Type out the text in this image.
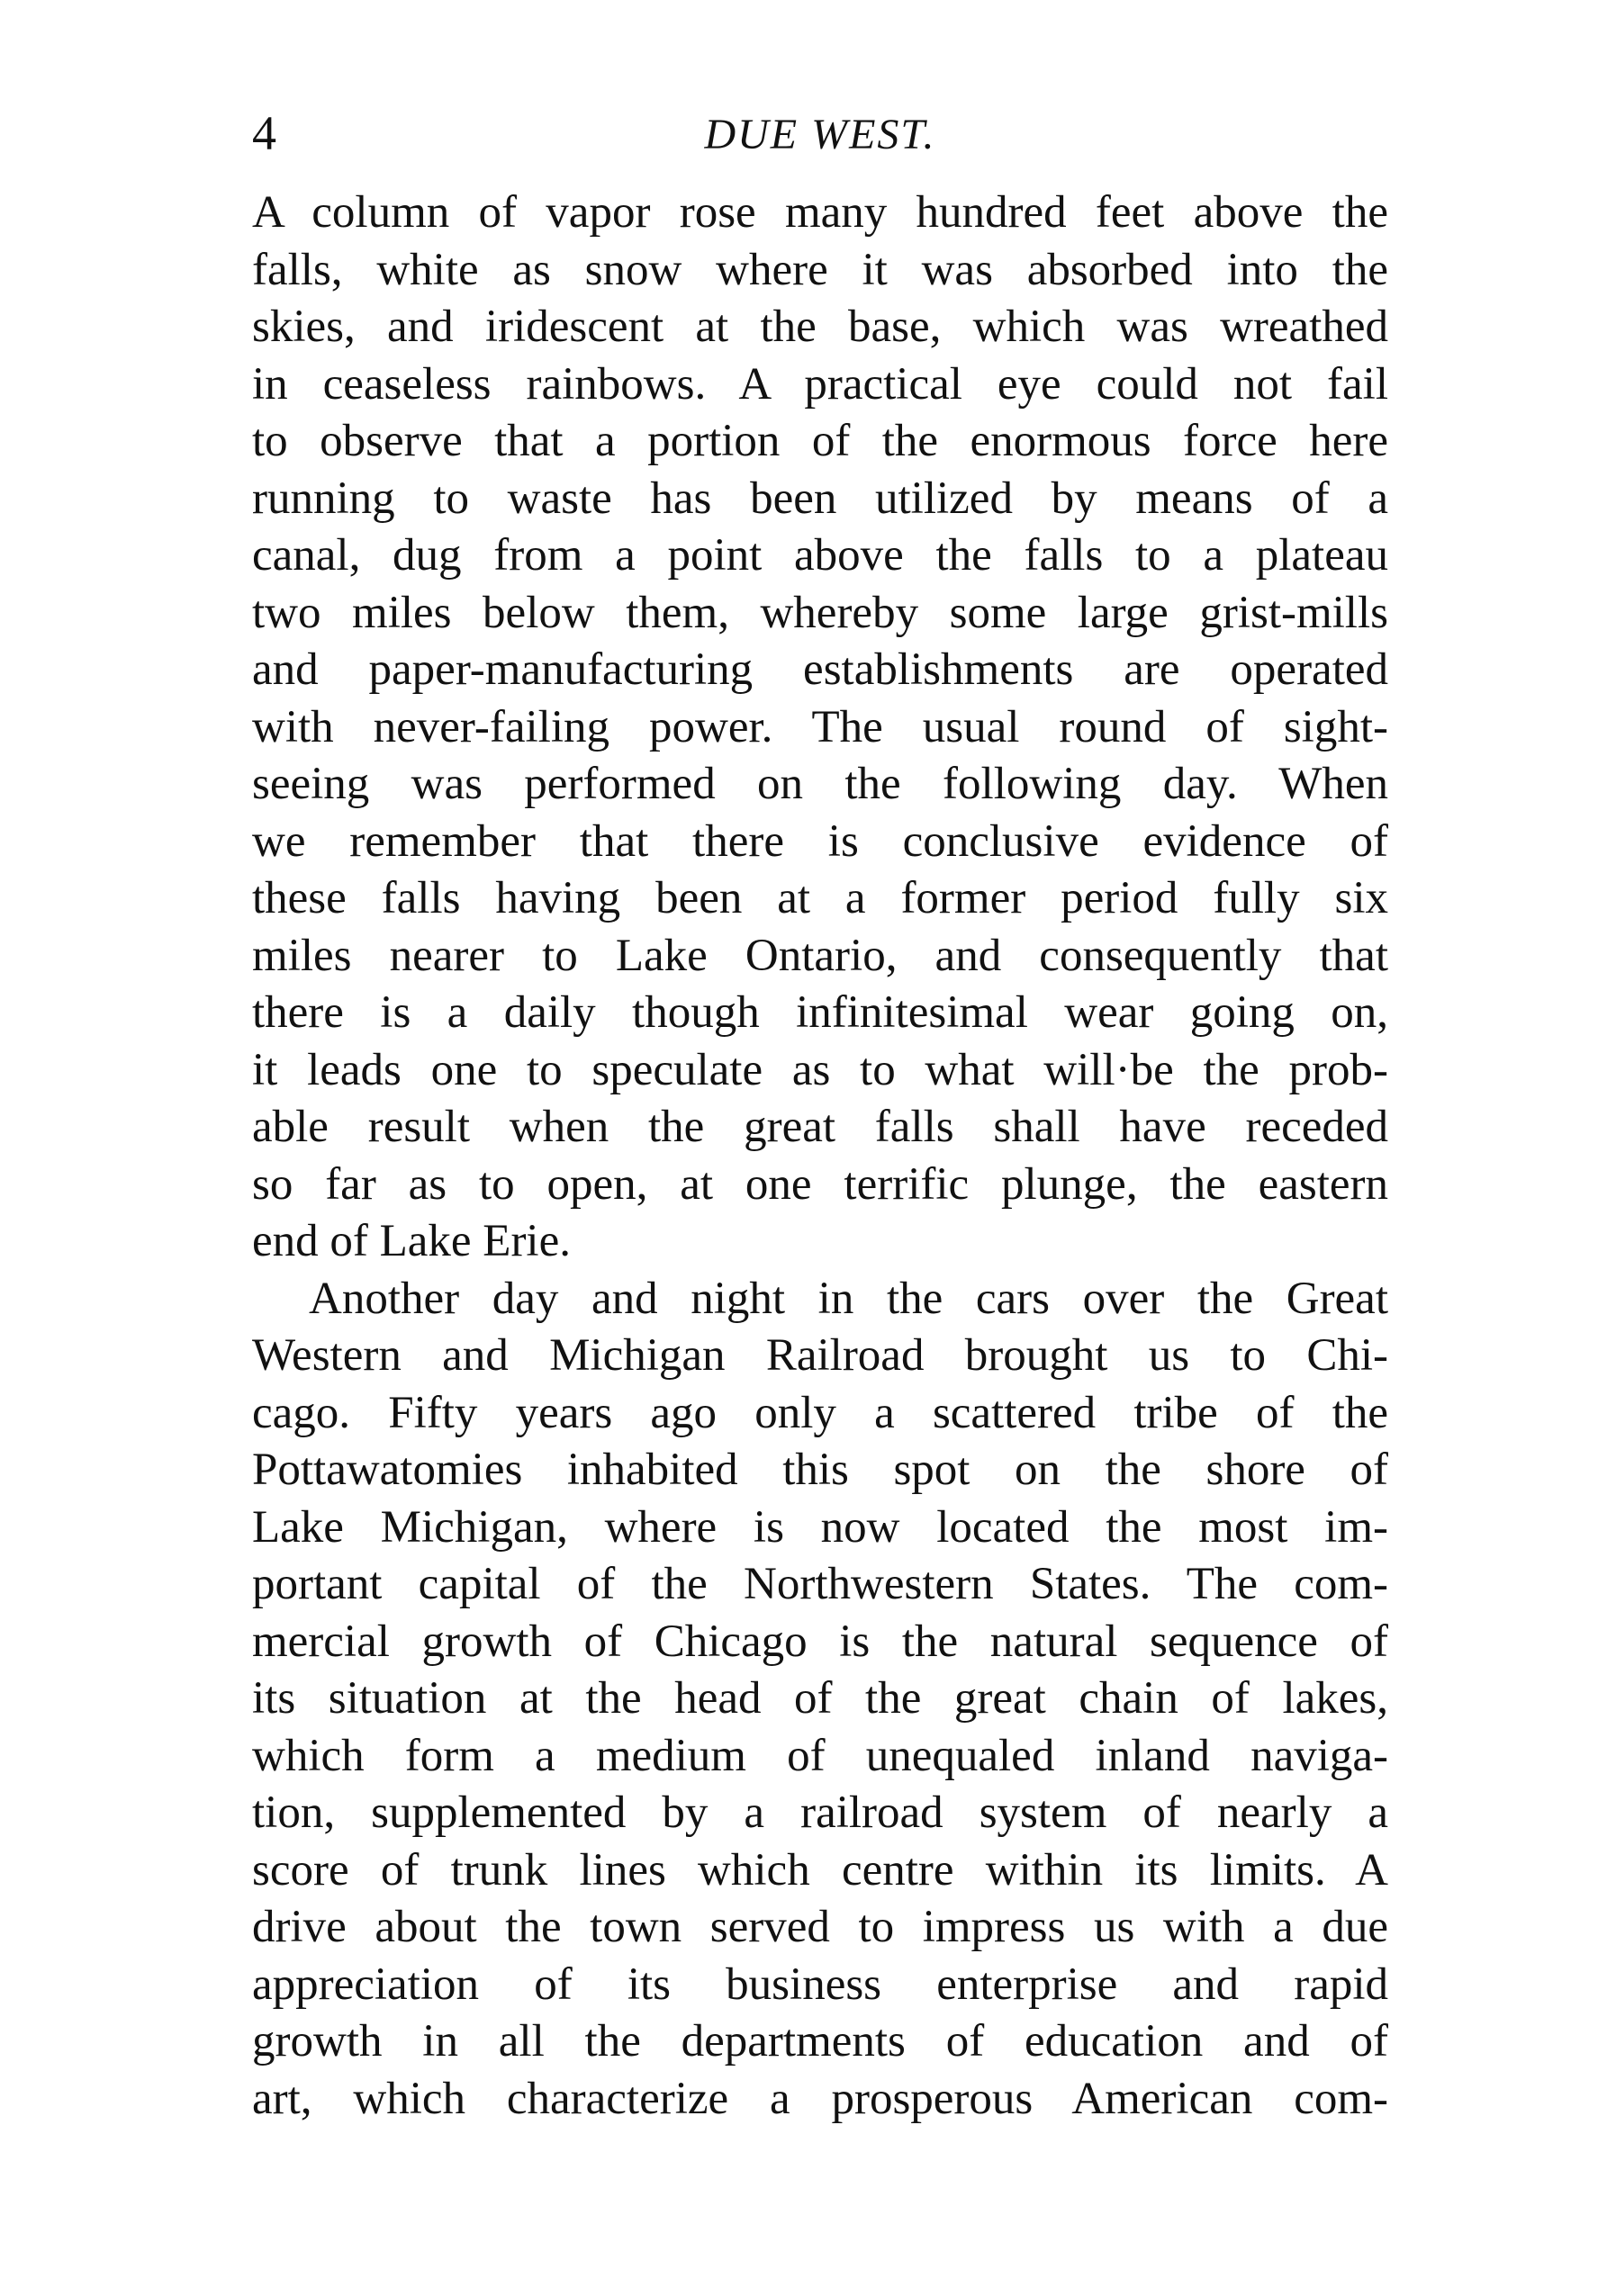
4	DUE WEST.
A column of vapor rose many hundred feet above the
falls, white as snow where it was absorbed into the
skies, and iridescent at the base, which was wreathed
in ceaseless rainbows. A practical eye could not fail
to observe that a portion of the enormous force here
running to waste has been utilized by means of a
canal, dug from a point above the falls to a plateau
two miles below them, whereby some large grist-mills
and paper-manufacturing establishments are operated
with never-failing power. The usual round of sight-
seeing was performed on the following day. When
we remember that there is conclusive evidence of
these falls having been at a former period fully six
miles nearer to Lake Ontario, and consequently that
there is a daily though infinitesimal wear going on,
it leads one to speculate as to what will·be the prob-
able result when the great falls shall have receded
so far as to open, at one terrific plunge, the eastern
end of Lake Erie.
Another day and night in the cars over the Great
Western and Michigan Railroad brought us to Chi-
cago. Fifty years ago only a scattered tribe of the
Pottawatomies inhabited this spot on the shore of
Lake Michigan, where is now located the most im-
portant capital of the Northwestern States. The com-
mercial growth of Chicago is the natural sequence of
its situation at the head of the great chain of lakes,
which form a medium of unequaled inland naviga-
tion, supplemented by a railroad system of nearly a
score of trunk lines which centre within its limits. A
drive about the town served to impress us with a due
appreciation of its business enterprise and rapid
growth in all the departments of education and of
art, which characterize a prosperous American com-
